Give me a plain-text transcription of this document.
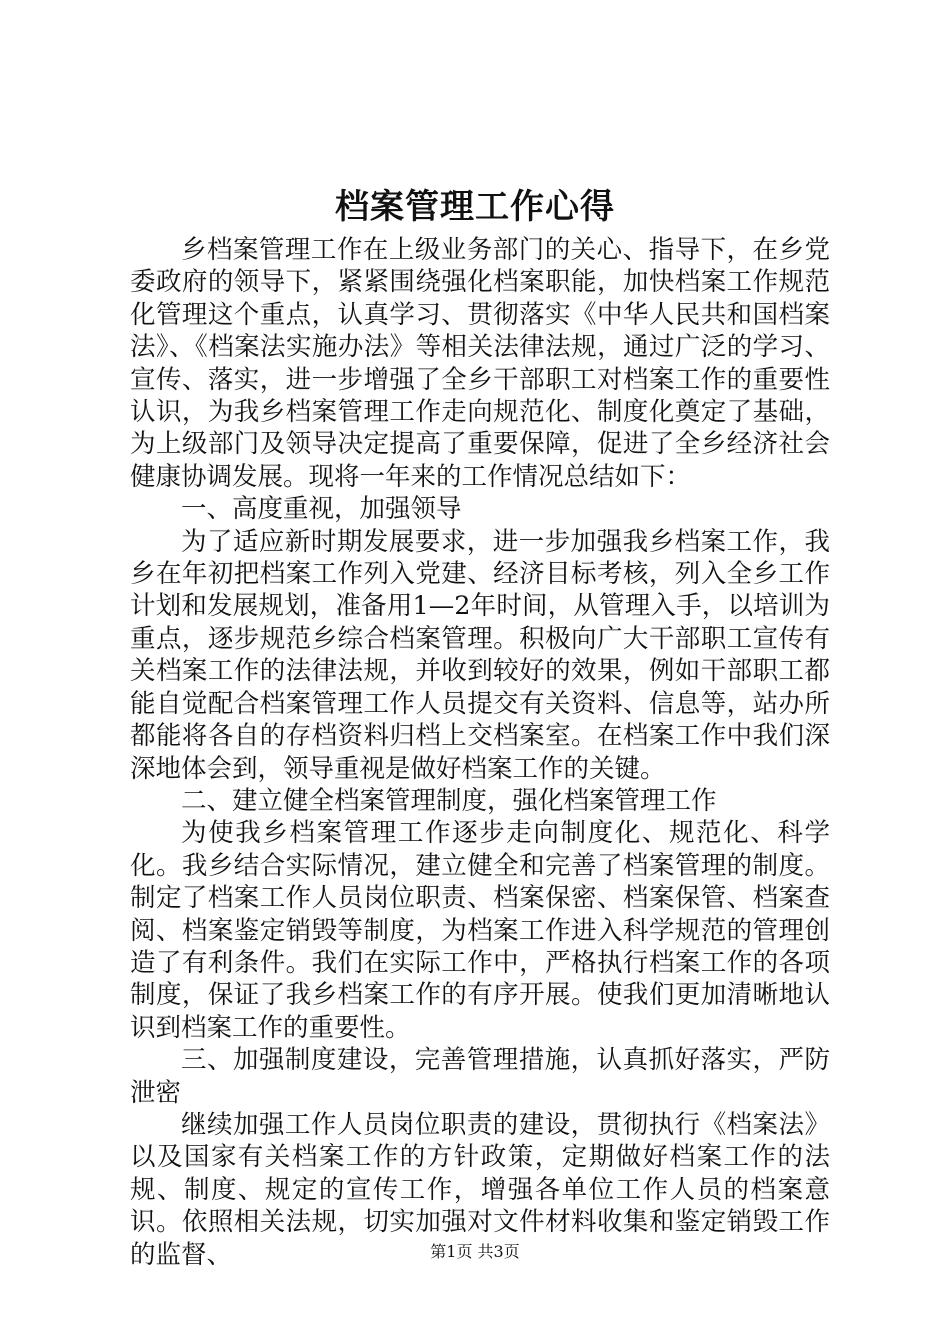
档案管理工作心得

乡档案管理工作在上级业务部门的关心、指导下，在乡党委政府的领导下，紧紧围绕强化档案职能，加快档案工作规范化管理这个重点，认真学习、贯彻落实《中华人民共和国档案法》、《档案法实施办法》等相关法律法规，通过广泛的学习、宣传、落实，进一步增强了全乡干部职工对档案工作的重要性认识，为我乡档案管理工作走向规范化、制度化奠定了基础，为上级部门及领导决定提高了重要保障，促进了全乡经济社会健康协调发展。现将一年来的工作情况总结如下：

一、高度重视，加强领导

为了适应新时期发展要求，进一步加强我乡档案工作，我乡在年初把档案工作列入党建、经济目标考核，列入全乡工作计划和发展规划，准备用1—2年时间，从管理入手，以培训为重点，逐步规范乡综合档案管理。积极向广大干部职工宣传有关档案工作的法律法规，并收到较好的效果，例如干部职工都能自觉配合档案管理工作人员提交有关资料、信息等，站办所都能将各自的存档资料归档上交档案室。在档案工作中我们深深地体会到，领导重视是做好档案工作的关键。

二、建立健全档案管理制度，强化档案管理工作

为使我乡档案管理工作逐步走向制度化、规范化、科学化。我乡结合实际情况，建立健全和完善了档案管理的制度。制定了档案工作人员岗位职责、档案保密、档案保管、档案查阅、档案鉴定销毁等制度，为档案工作进入科学规范的管理创造了有利条件。我们在实际工作中，严格执行档案工作的各项制度，保证了我乡档案工作的有序开展。使我们更加清晰地认识到档案工作的重要性。

三、加强制度建设，完善管理措施，认真抓好落实，严防泄密

继续加强工作人员岗位职责的建设，贯彻执行《档案法》以及国家有关档案工作的方针政策，定期做好档案工作的法规、制度、规定的宣传工作，增强各单位工作人员的档案意识。依照相关法规，切实加强对文件材料收集和鉴定销毁工作的监督、	第1页 共3页
